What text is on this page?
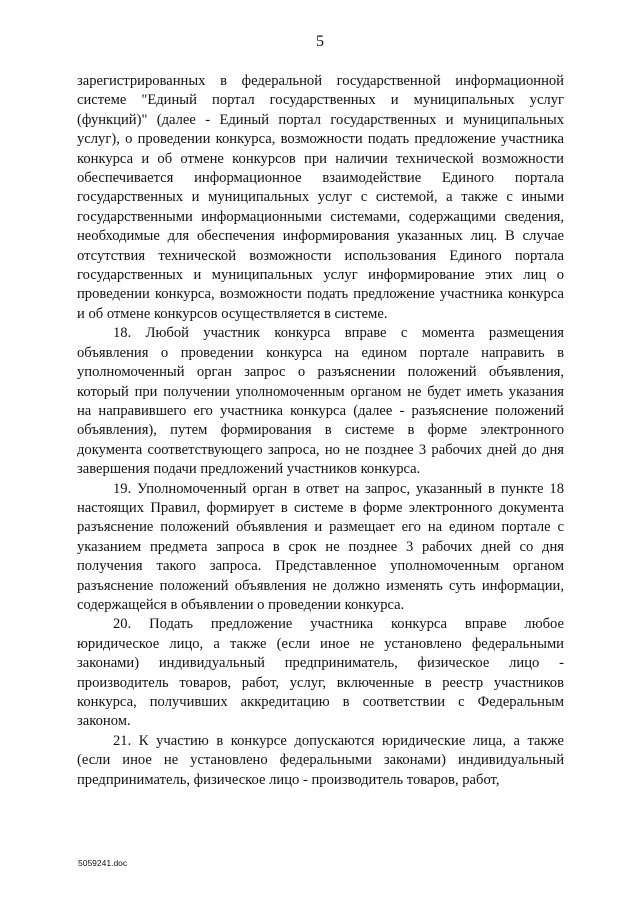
5

зарегистрированных в федеральной государственной информационной системе "Единый портал государственных и муниципальных услуг (функций)" (далее - Единый портал государственных и муниципальных услуг), о проведении конкурса, возможности подать предложение участника конкурса и об отмене конкурсов при наличии технической возможности обеспечивается информационное взаимодействие Единого портала государственных и муниципальных услуг с системой, а также с иными государственными информационными системами, содержащими сведения, необходимые для обеспечения информирования указанных лиц. В случае отсутствия технической возможности использования Единого портала государственных и муниципальных услуг информирование этих лиц о проведении конкурса, возможности подать предложение участника конкурса и об отмене конкурсов осуществляется в системе.

18. Любой участник конкурса вправе с момента размещения объявления о проведении конкурса на едином портале направить в уполномоченный орган запрос о разъяснении положений объявления, который при получении уполномоченным органом не будет иметь указания на направившего его участника конкурса (далее - разъяснение положений объявления), путем формирования в системе в форме электронного документа соответствующего запроса, но не позднее 3 рабочих дней до дня завершения подачи предложений участников конкурса.

19. Уполномоченный орган в ответ на запрос, указанный в пункте 18 настоящих Правил, формирует в системе в форме электронного документа разъяснение положений объявления и размещает его на едином портале с указанием предмета запроса в срок не позднее 3 рабочих дней со дня получения такого запроса. Представленное уполномоченным органом разъяснение положений объявления не должно изменять суть информации, содержащейся в объявлении о проведении конкурса.

20. Подать предложение участника конкурса вправе любое юридическое лицо, а также (если иное не установлено федеральными законами) индивидуальный предприниматель, физическое лицо - производитель товаров, работ, услуг, включенные в реестр участников конкурса, получивших аккредитацию в соответствии с Федеральным законом.

21. К участию в конкурсе допускаются юридические лица, а также (если иное не установлено федеральными законами) индивидуальный предприниматель, физическое лицо - производитель товаров, работ,

5059241.doc
